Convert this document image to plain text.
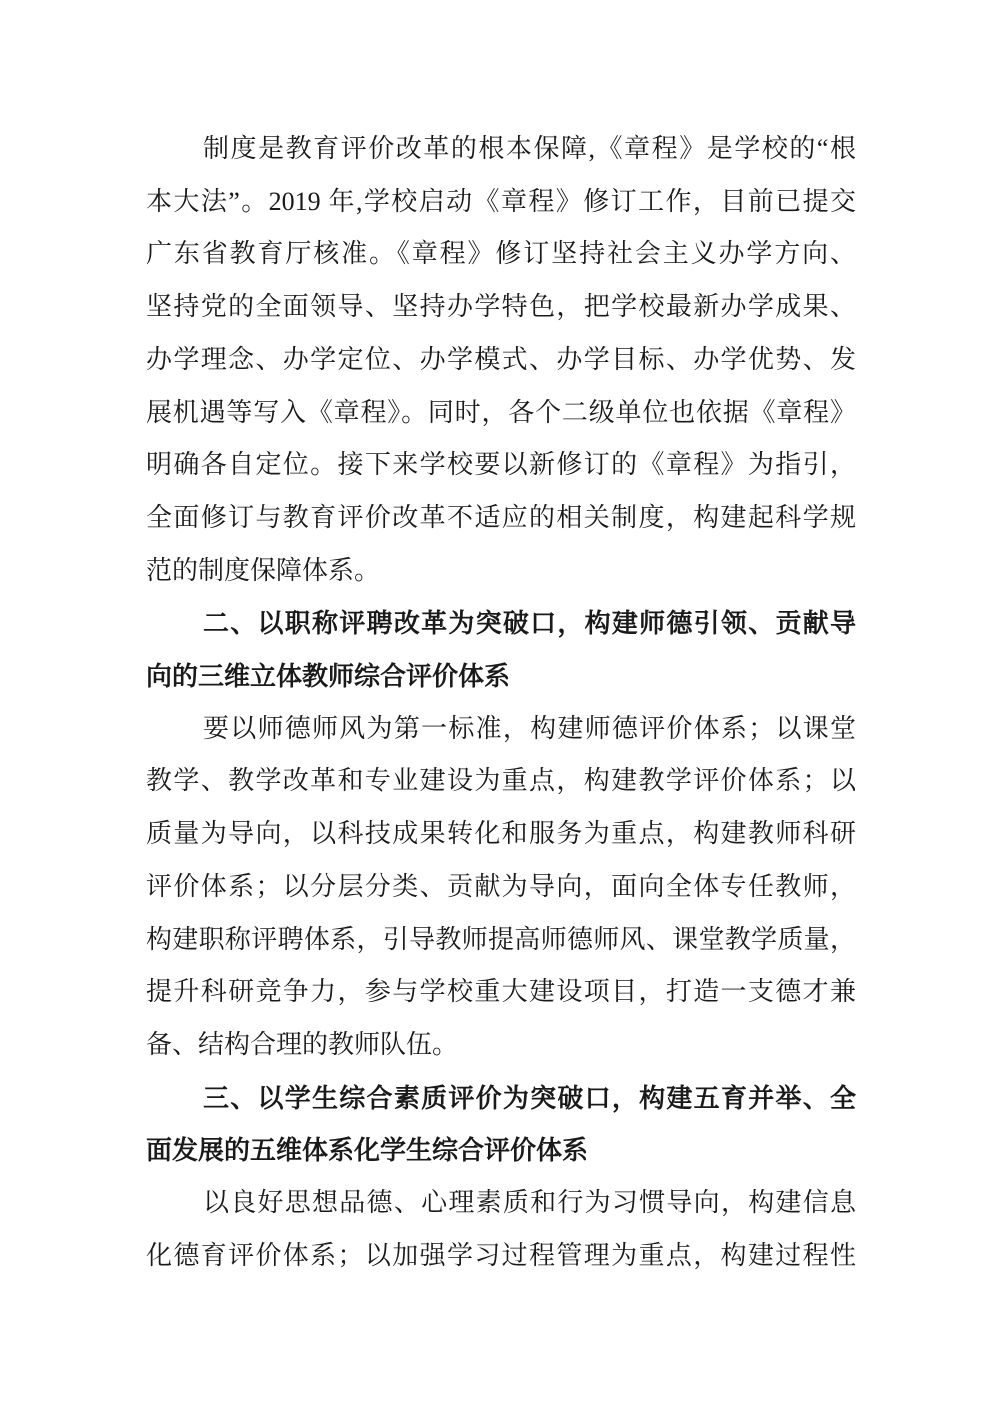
制度是教育评价改革的根本保障,《章程》是学校的“根
本大法”。2019 年,学校启动《章程》修订工作，目前已提交
广东省教育厅核准。《章程》修订坚持社会主义办学方向、
坚持党的全面领导、坚持办学特色，把学校最新办学成果、
办学理念、办学定位、办学模式、办学目标、办学优势、发
展机遇等写入《章程》。同时，各个二级单位也依据《章程》
明确各自定位。接下来学校要以新修订的《章程》为指引，
全面修订与教育评价改革不适应的相关制度，构建起科学规
范的制度保障体系。
二、以职称评聘改革为突破口，构建师德引领、贡献导
向的三维立体教师综合评价体系
要以师德师风为第一标准，构建师德评价体系；以课堂
教学、教学改革和专业建设为重点，构建教学评价体系；以
质量为导向，以科技成果转化和服务为重点，构建教师科研
评价体系；以分层分类、贡献为导向，面向全体专任教师，
构建职称评聘体系，引导教师提高师德师风、课堂教学质量，
提升科研竞争力，参与学校重大建设项目，打造一支德才兼
备、结构合理的教师队伍。
三、以学生综合素质评价为突破口，构建五育并举、全
面发展的五维体系化学生综合评价体系
以良好思想品德、心理素质和行为习惯导向，构建信息
化德育评价体系；以加强学习过程管理为重点，构建过程性
